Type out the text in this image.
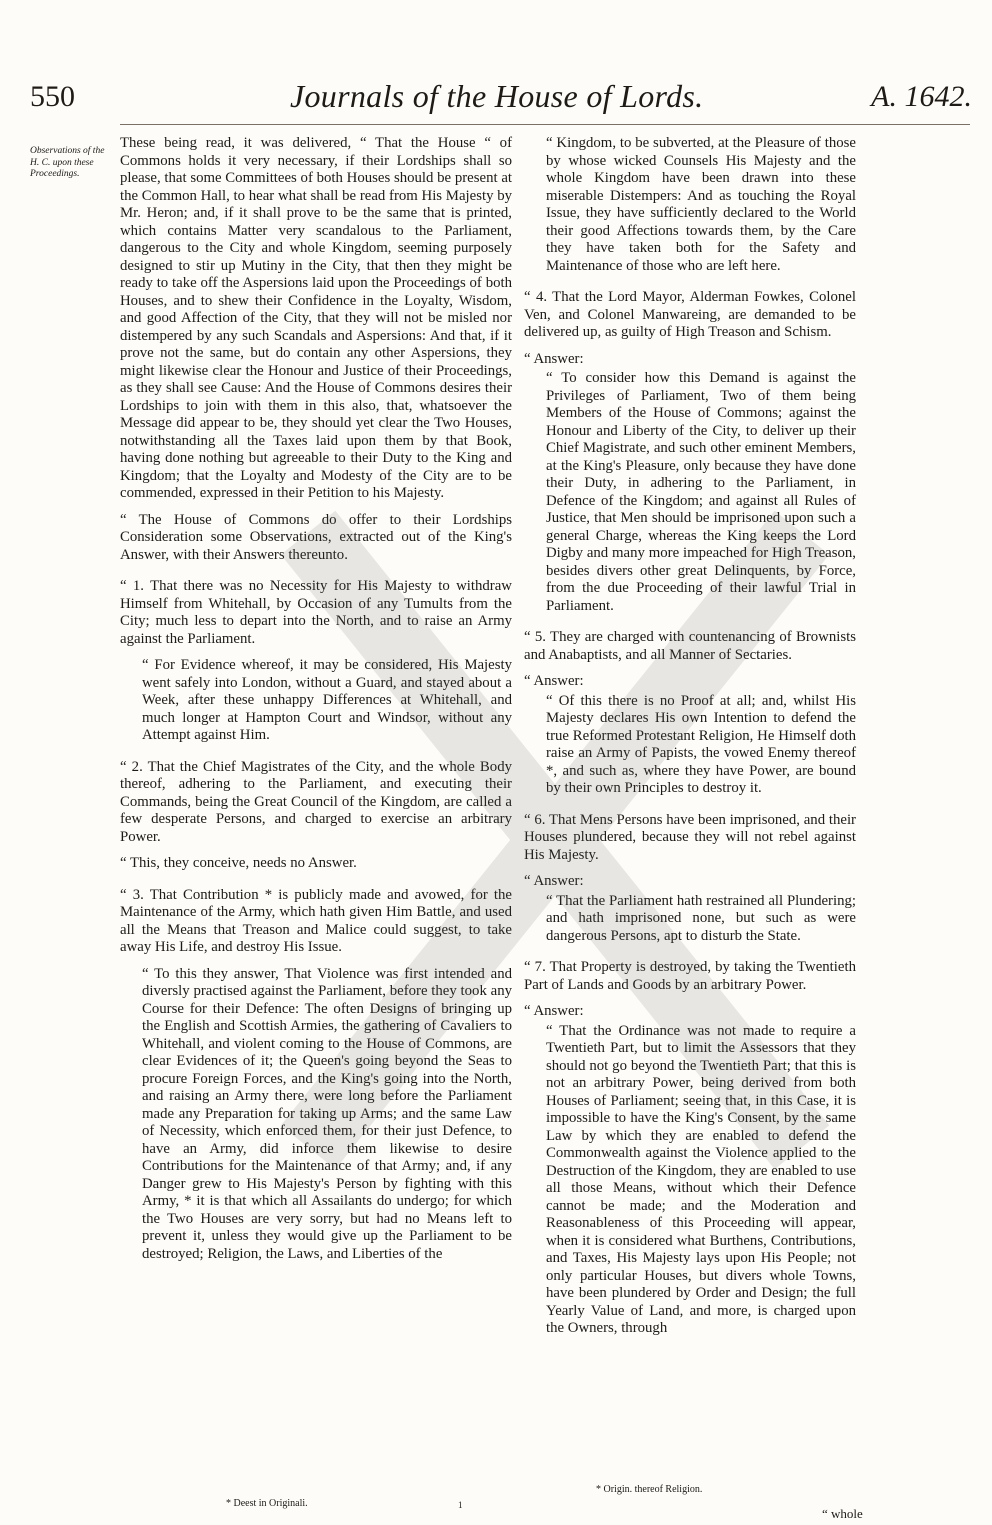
550	Journals of the House of Lords.	A. 1642.
Observations of the H. C. upon these Proceedings.

These being read, it was delivered, “ That the House “ of Commons holds it very necessary, if their Lordships shall so please, that some Committees of both Houses should be present at the Common Hall, to hear what shall be read from His Majesty by Mr. Heron; and, if it shall prove to be the same that is printed, which contains Matter very scandalous to the Parliament, dangerous to the City and whole Kingdom, seeming purposely designed to stir up Mutiny in the City, that then they might be ready to take off the Aspersions laid upon the Proceedings of both Houses, and to shew their Confidence in the Loyalty, Wisdom, and good Affection of the City, that they will not be misled nor distempered by any such Scandals and Aspersions: And that, if it prove not the same, but do contain any other Aspersions, they might likewise clear the Honour and Justice of their Proceedings, as they shall see Cause: And the House of Commons desires their Lordships to join with them in this also, that, whatsoever the Message did appear to be, they should yet clear the Two Houses, notwithstanding all the Taxes laid upon them by that Book, having done nothing but agreeable to their Duty to the King and Kingdom; that the Loyalty and Modesty of the City are to be commended, expressed in their Petition to his Majesty.

“ The House of Commons do offer to their Lordships Consideration some Observations, extracted out of the King's Answer, with their Answers thereunto.

“ 1. That there was no Necessity for His Majesty to withdraw Himself from Whitehall, by Occasion of any Tumults from the City; much less to depart into the North, and to raise an Army against the Parliament.

“ For Evidence whereof, it may be considered, His Majesty went safely into London, without a Guard, and stayed about a Week, after these unhappy Differences at Whitehall, and much longer at Hampton Court and Windsor, without any Attempt against Him.

“ 2. That the Chief Magistrates of the City, and the whole Body thereof, adhering to the Parliament, and executing their Commands, being the Great Council of the Kingdom, are called a few desperate Persons, and charged to exercise an arbitrary Power.

“ This, they conceive, needs no Answer.

“ 3. That Contribution * is publicly made and avowed, for the Maintenance of the Army, which hath given Him Battle, and used all the Means that Treason and Malice could suggest, to take away His Life, and destroy His Issue.

“ To this they answer, That Violence was first intended and diversly practised against the Parliament, before they took any Course for their Defence: The often Designs of bringing up the English and Scottish Armies, the gathering of Cavaliers to Whitehall, and violent coming to the House of Commons, are clear Evidences of it; the Queen's going beyond the Seas to procure Foreign Forces, and the King's going into the North, and raising an Army there, were long before the Parliament made any Preparation for taking up Arms; and the same Law of Necessity, which enforced them, for their just Defence, to have an Army, did inforce them likewise to desire Contributions for the Maintenance of that Army; and, if any Danger grew to His Majesty's Person by fighting with this Army, * it is that which all Assailants do undergo; for which the Two Houses are very sorry, but had no Means left to prevent it, unless they would give up the Parliament to be destroyed; Religion, the Laws, and Liberties of the

“ Kingdom, to be subverted, at the Pleasure of those by whose wicked Counsels His Majesty and the whole Kingdom have been drawn into these miserable Distempers: And as touching the Royal Issue, they have sufficiently declared to the World their good Affections towards them, by the Care they have taken both for the Safety and Maintenance of those who are left here.

“ 4. That the Lord Mayor, Alderman Fowkes, Colonel Ven, and Colonel Manwareing, are demanded to be delivered up, as guilty of High Treason and Schism.

“ Answer:

“ To consider how this Demand is against the Privileges of Parliament, Two of them being Members of the House of Commons; against the Honour and Liberty of the City, to deliver up their Chief Magistrate, and such other eminent Members, at the King's Pleasure, only because they have done their Duty, in adhering to the Parliament, in Defence of the Kingdom; and against all Rules of Justice, that Men should be imprisoned upon such a general Charge, whereas the King keeps the Lord Digby and many more impeached for High Treason, besides divers other great Delinquents, by Force, from the due Proceeding of their lawful Trial in Parliament.

“ 5. They are charged with countenancing of Brownists and Anabaptists, and all Manner of Sectaries.

“ Answer:

“ Of this there is no Proof at all; and, whilst His Majesty declares His own Intention to defend the true Reformed Protestant Religion, He Himself doth raise an Army of Papists, the vowed Enemy thereof *, and such as, where they have Power, are bound by their own Principles to destroy it.

“ 6. That Mens Persons have been imprisoned, and their Houses plundered, because they will not rebel against His Majesty.

“ Answer:

“ That the Parliament hath restrained all Plundering; and hath imprisoned none, but such as were dangerous Persons, apt to disturb the State.

“ 7. That Property is destroyed, by taking the Twentieth Part of Lands and Goods by an arbitrary Power.

“ Answer:

“ That the Ordinance was not made to require a Twentieth Part, but to limit the Assessors that they should not go beyond the Twentieth Part; that this is not an arbitrary Power, being derived from both Houses of Parliament; seeing that, in this Case, it is impossible to have the King's Consent, by the same Law by which they are enabled to defend the Commonwealth against the Violence applied to the Destruction of the Kingdom, they are enabled to use all those Means, without which their Defence cannot be made; and the Moderation and Reasonableness of this Proceeding will appear, when it is considered what Burthens, Contributions, and Taxes, His Majesty lays upon His People; not only particular Houses, but divers whole Towns, have been plundered by Order and Design; the full Yearly Value of Land, and more, is charged upon the Owners, through

* Deest in Originali.	1
* Origin. thereof Religion.
“ whole
